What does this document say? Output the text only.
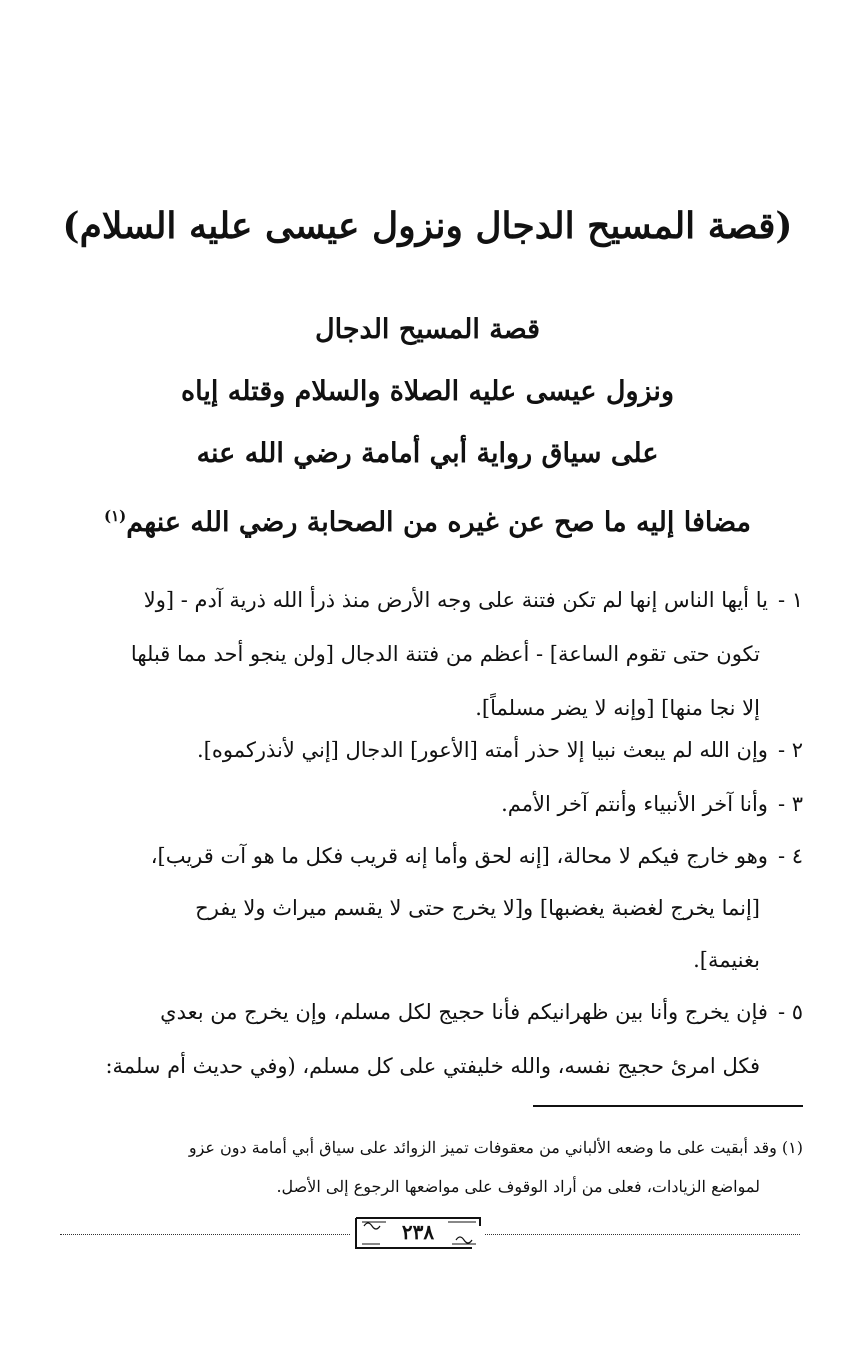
(قصة المسيح الدجال ونزول عيسى عليه السلام)
قصة المسيح الدجال
ونزول عيسى عليه الصلاة والسلام وقتله إياه
على سياق رواية أبي أمامة رضي الله عنه
مضافا إليه ما صح عن غيره من الصحابة رضي الله عنهم$^{(١)}$
١ -يا أيها الناس إنها لم تكن فتنة على وجه الأرض منذ ذرأ الله ذرية آدم - [ولا
تكون حتى تقوم الساعة] - أعظم من فتنة الدجال [ولن ينجو أحد مما قبلها
إلا نجا منها] [وإنه لا يضر مسلماً].
٢ -وإن الله لم يبعث نبيا إلا حذر أمته [الأعور] الدجال [إني لأنذركموه].
٣ -وأنا آخر الأنبياء وأنتم آخر الأمم.
٤ -وهو خارج فيكم لا محالة، [إنه لحق وأما إنه قريب فكل ما هو آت قريب]،
[إنما يخرج لغضبة يغضبها] و[لا يخرج حتى لا يقسم ميراث ولا يفرح
بغنيمة].
٥ -فإن يخرج وأنا بين ظهرانيكم فأنا حجيج لكل مسلم، وإن يخرج من بعدي
فكل امرئ حجيج نفسه، والله خليفتي على كل مسلم، (وفي حديث أم سلمة:
(١) وقد أبقيت على ما وضعه الألباني من معقوفات تميز الزوائد على سياق أبي أمامة دون عزو
لمواضع الزيادات، فعلى من أراد الوقوف على مواضعها الرجوع إلى الأصل.
٢٣٨
